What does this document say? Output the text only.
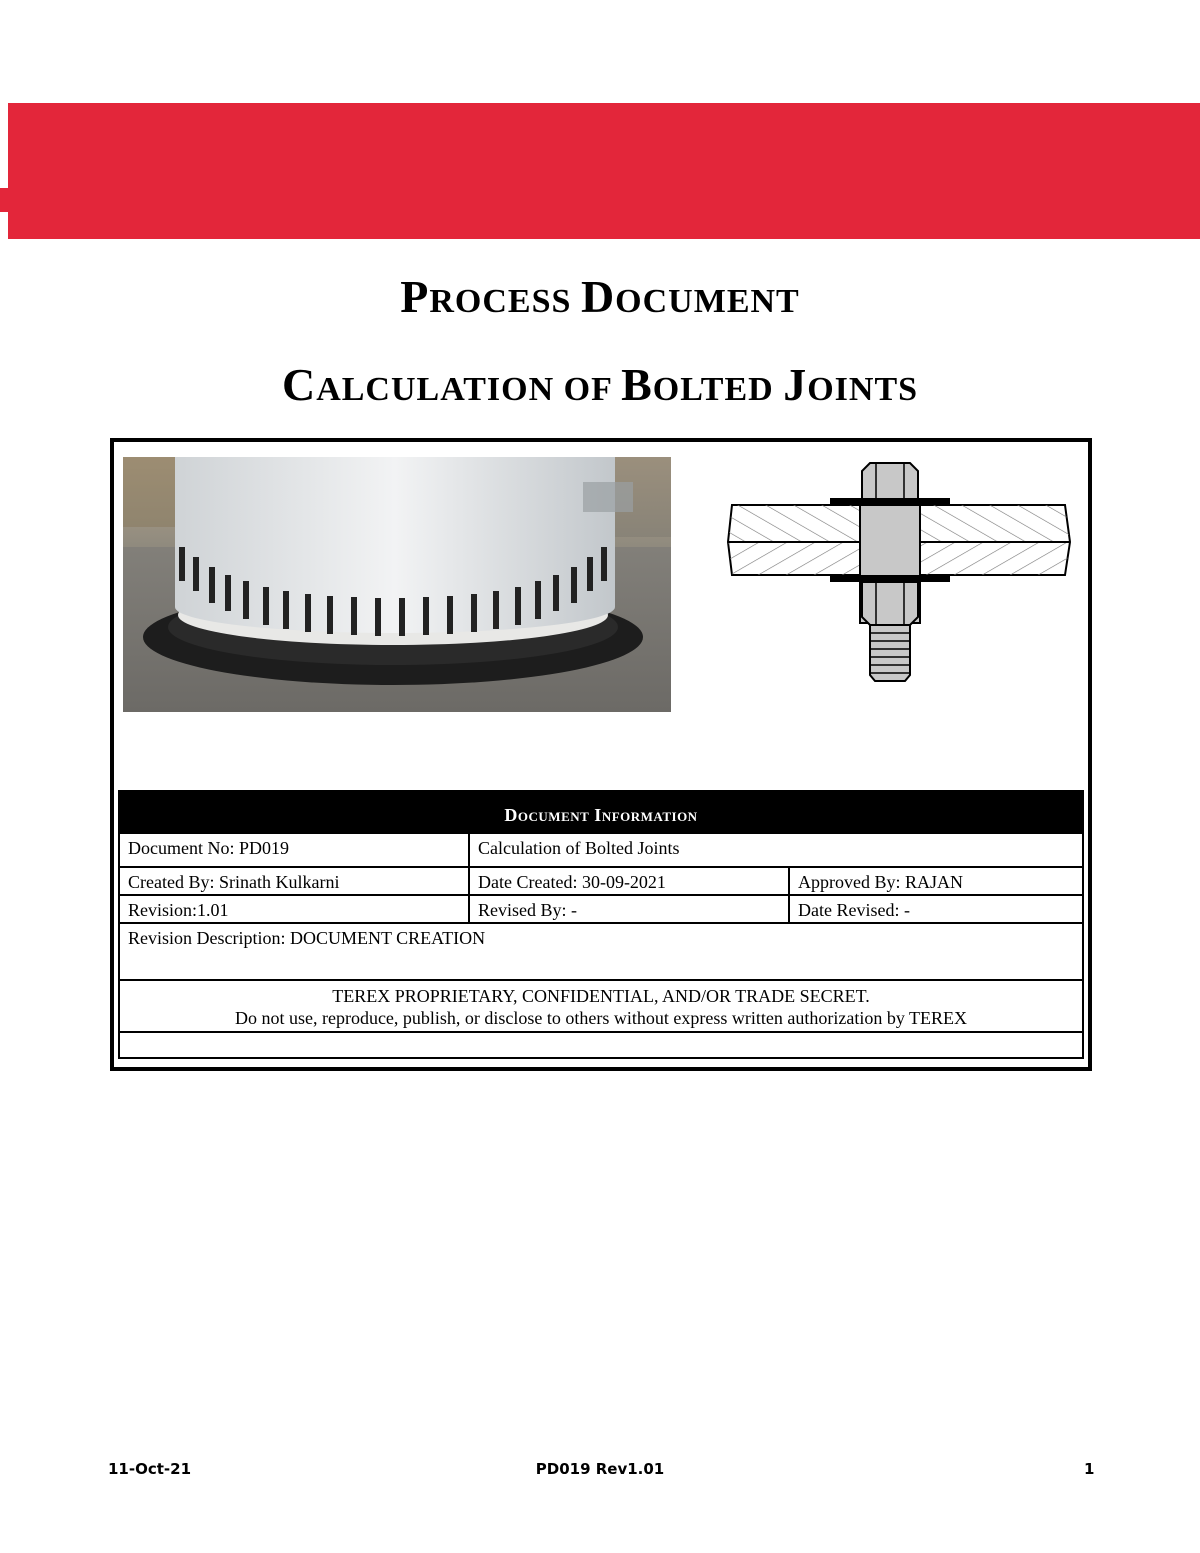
PROCESS DOCUMENT
CALCULATION OF BOLTED JOINTS
Document Information
Document No: PD019	Calculation of Bolted Joints
Created By: Srinath Kulkarni	Date Created: 30-09-2021	Approved By: RAJAN
Revision:1.01	Revised By: -	Date Revised: -
Revision Description: DOCUMENT CREATION
TEREX PROPRIETARY, CONFIDENTIAL, AND/OR TRADE SECRET.
Do not use, reproduce, publish, or disclose to others without express written authorization by TEREX
11-Oct-21	PD019 Rev1.01	1
